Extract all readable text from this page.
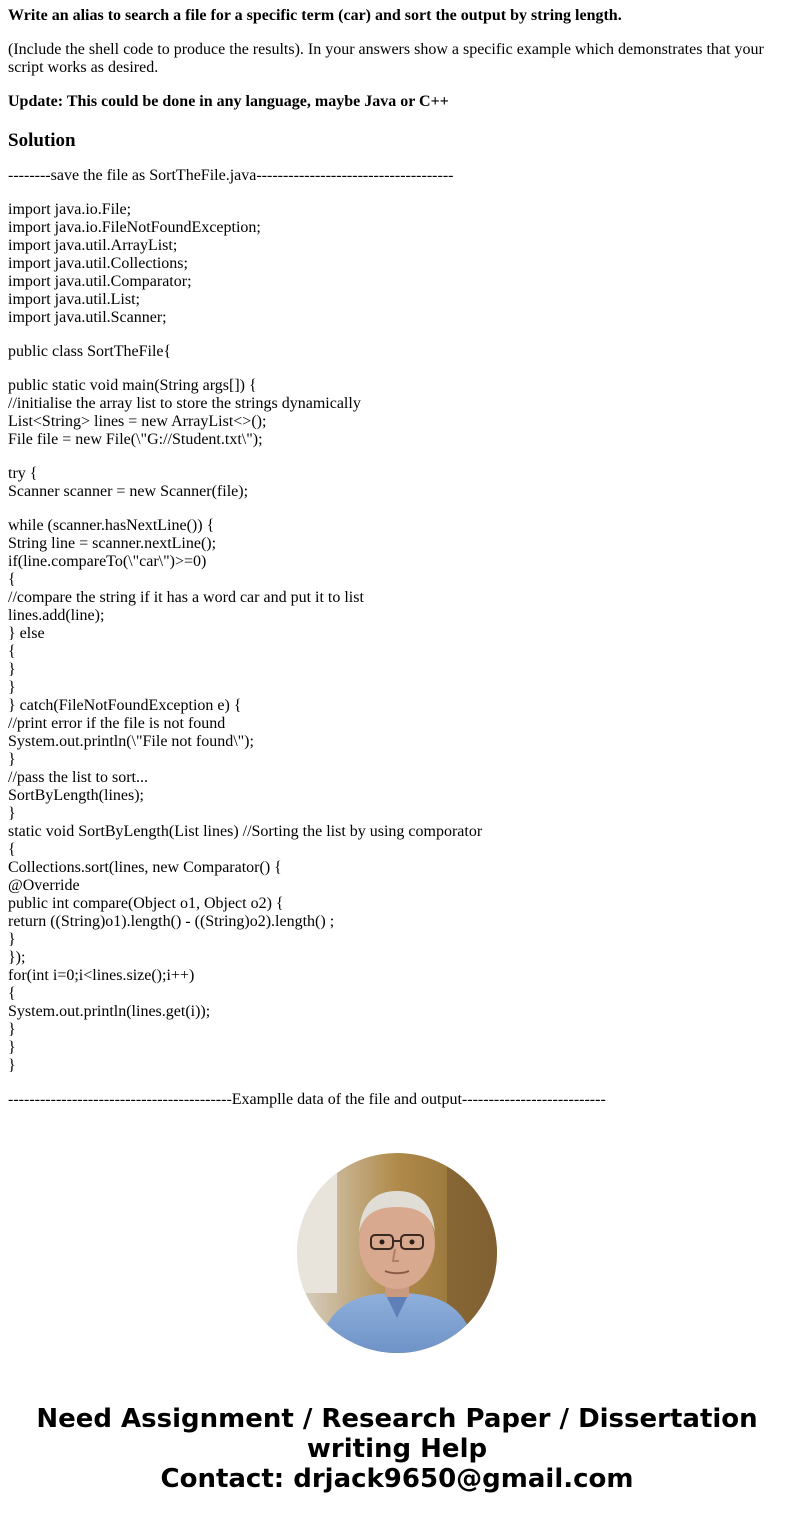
Write an alias to search a file for a specific term (car) and sort the output by string length.

(Include the shell code to produce the results). In your answers show a specific example which demonstrates that your script works as desired.

Update: This could be done in any language, maybe Java or C++

Solution

--------save the file as SortTheFile.java-------------------------------------

import java.io.File;
import java.io.FileNotFoundException;
import java.util.ArrayList;
import java.util.Collections;
import java.util.Comparator;
import java.util.List;
import java.util.Scanner;
public class SortTheFile{
public static void main(String args[]) {
//initialise the array list to store the strings dynamically
List<String> lines = new ArrayList<>();
File file = new File(\"G://Student.txt\");
try {
Scanner scanner = new Scanner(file);
while (scanner.hasNextLine()) {
String line = scanner.nextLine();
if(line.compareTo(\"car\")>=0)
{
//compare the string if it has a word car and put it to list
lines.add(line);
} else
{
}
}
} catch(FileNotFoundException e) {
//print error if the file is not found
System.out.println(\"File not found\");
}
//pass the list to sort...
SortByLength(lines);
}
static void SortByLength(List lines) //Sorting the list by using comporator
{
Collections.sort(lines, new Comparator() {
@Override
public int compare(Object o1, Object o2) {
return ((String)o1).length() - ((String)o2).length() ;
}
});
for(int i=0;i<lines.size();i++)
{
System.out.println(lines.get(i));
}
}
}

------------------------------------------Examplle data of the file and output---------------------------

Need Assignment / Research Paper / Dissertation
writing Help
Contact: drjack9650@gmail.com
